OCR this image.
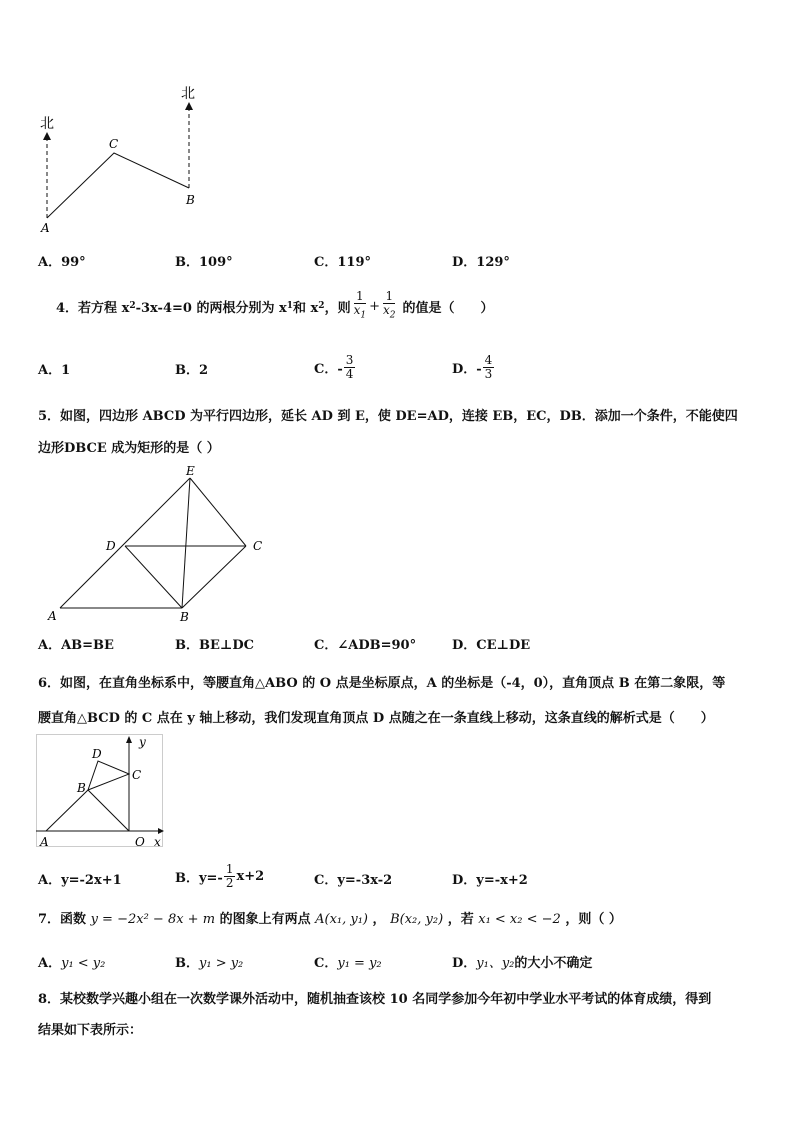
北
北
C
B
A
A．99°	B．109°	C．119°	D．129°
4．若方程 x 2 -3x-4=0 的两根分别为 x 1 和 x 2 ，则 $\frac{1}{x_1} + \frac{1}{x_2}$ 的值是（　　）
A．1	B．2	C．- $\frac{3}{4}$	D．- $\frac{4}{3}$
5．如图，四边形 ABCD 为平行四边形，延长 AD 到 E，使 DE=AD，连接 EB，EC，DB．添加一个条件，不能使四
边形DBCE 成为矩形的是（ ）
E
D	C
A	B
A．AB=BE	B．BE⊥DC	C．∠ADB=90°	D．CE⊥DE
6．如图，在直角坐标系中，等腰直角△ABO 的 O 点是坐标原点，A 的坐标是（-4，0），直角顶点 B 在第二象限，等
腰直角△BCD 的 C 点在 y 轴上移动，我们发现直角顶点 D 点随之在一条直线上移动，这条直线的解析式是（　　）
y
x
D
C
B
A	O
A．y=-2x+1	B．$y=- \frac{1}{2} x+2$	C．y=-3x-2	D．y=-x+2
7．函数 y = −2x² − 8x + m 的图象上有两点 A(x₁, y₁) ， B(x₂, y₂) ，若 x₁ < x₂ < −2 ，则（ ）
A．y₁ < y₂	B．y₁ > y₂	C．y₁ = y₂	D．y₁、y₂的大小不确定
8．某校数学兴趣小组在一次数学课外活动中，随机抽查该校 10 名同学参加今年初中学业水平考试的体育成绩，得到
结果如下表所示：
